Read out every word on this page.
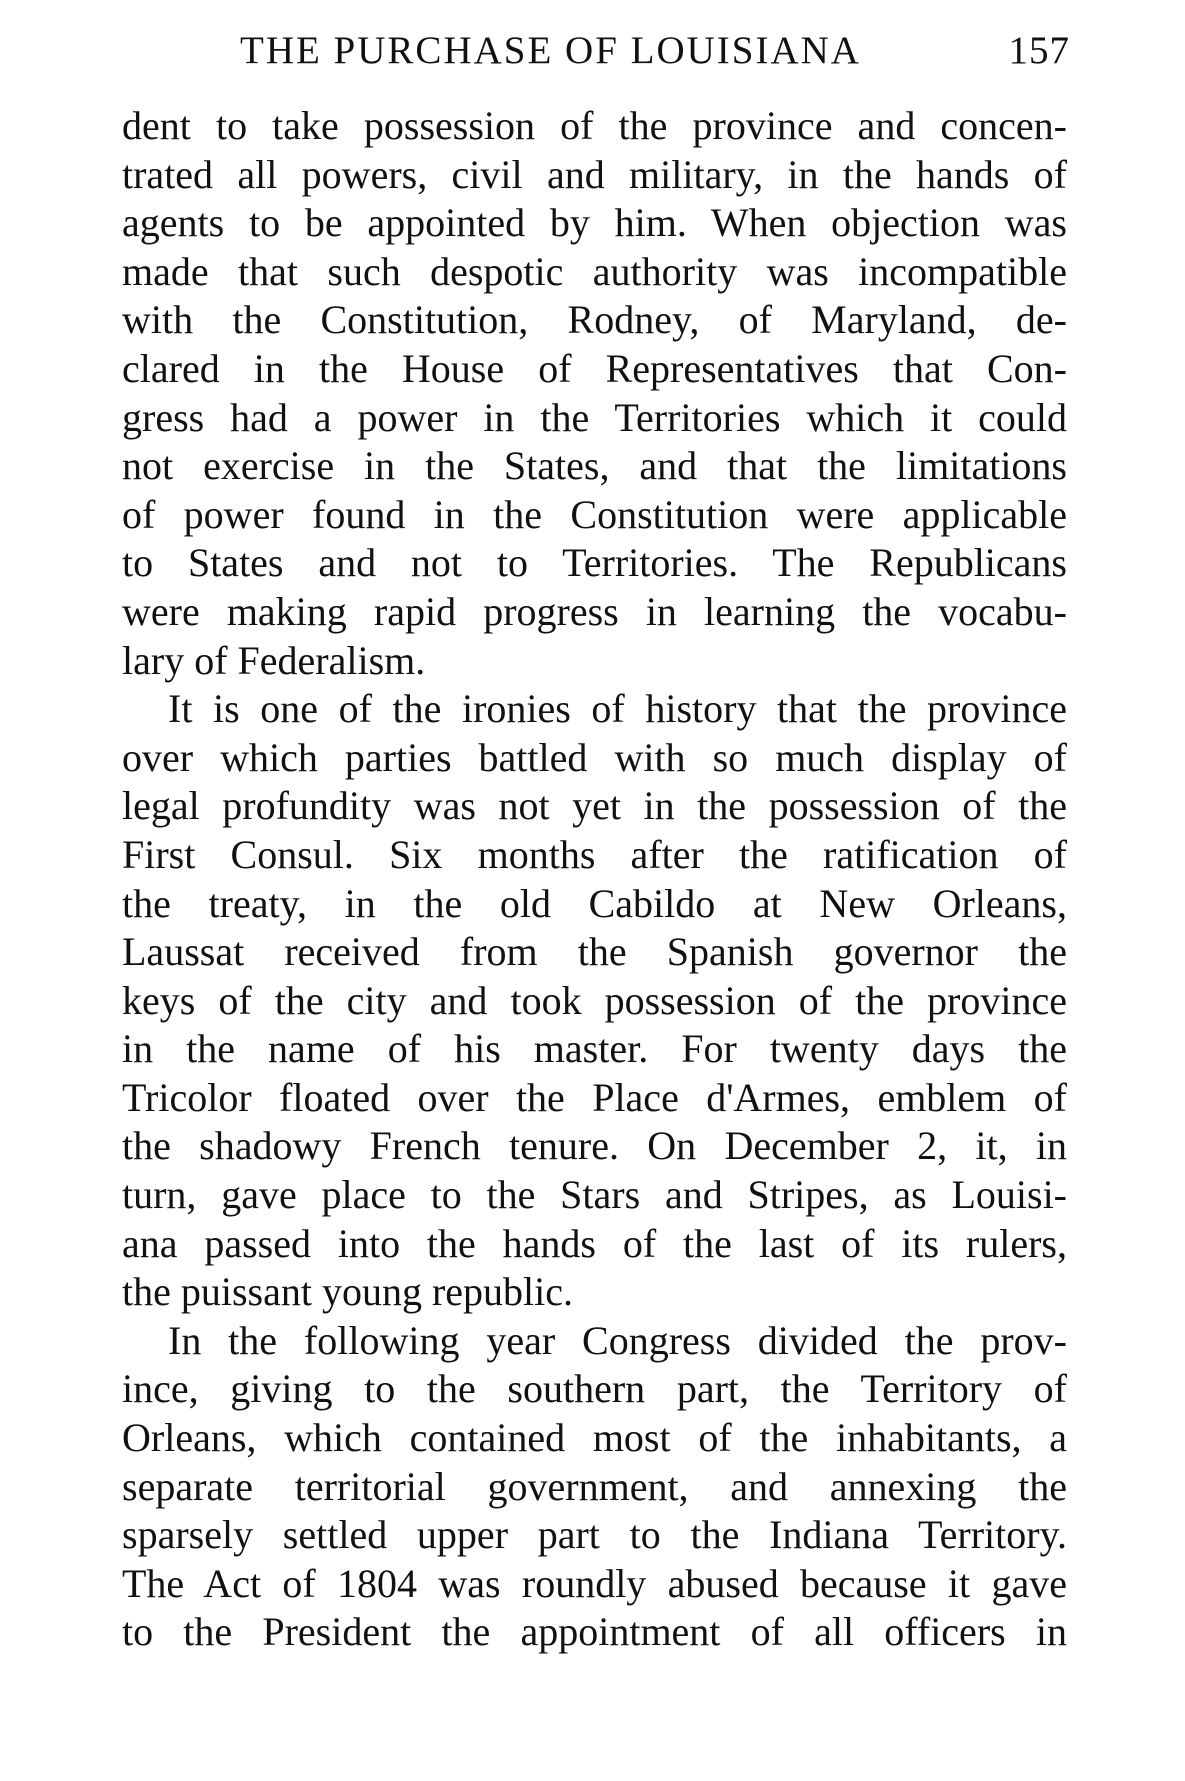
THE PURCHASE OF LOUISIANA	157
dent to take possession of the province and concen-
trated all powers, civil and military, in the hands of
agents to be appointed by him. When objection was
made that such despotic authority was incompatible
with the Constitution, Rodney, of Maryland, de-
clared in the House of Representatives that Con-
gress had a power in the Territories which it could
not exercise in the States, and that the limitations
of power found in the Constitution were applicable
to States and not to Territories. The Republicans
were making rapid progress in learning the vocabu-
lary of Federalism.
It is one of the ironies of history that the province
over which parties battled with so much display of
legal profundity was not yet in the possession of the
First Consul. Six months after the ratification of
the treaty, in the old Cabildo at New Orleans,
Laussat received from the Spanish governor the
keys of the city and took possession of the province
in the name of his master. For twenty days the
Tricolor floated over the Place d'Armes, emblem of
the shadowy French tenure. On December 2, it, in
turn, gave place to the Stars and Stripes, as Louisi-
ana passed into the hands of the last of its rulers,
the puissant young republic.
In the following year Congress divided the prov-
ince, giving to the southern part, the Territory of
Orleans, which contained most of the inhabitants, a
separate territorial government, and annexing the
sparsely settled upper part to the Indiana Territory.
The Act of 1804 was roundly abused because it gave
to the President the appointment of all officers in
